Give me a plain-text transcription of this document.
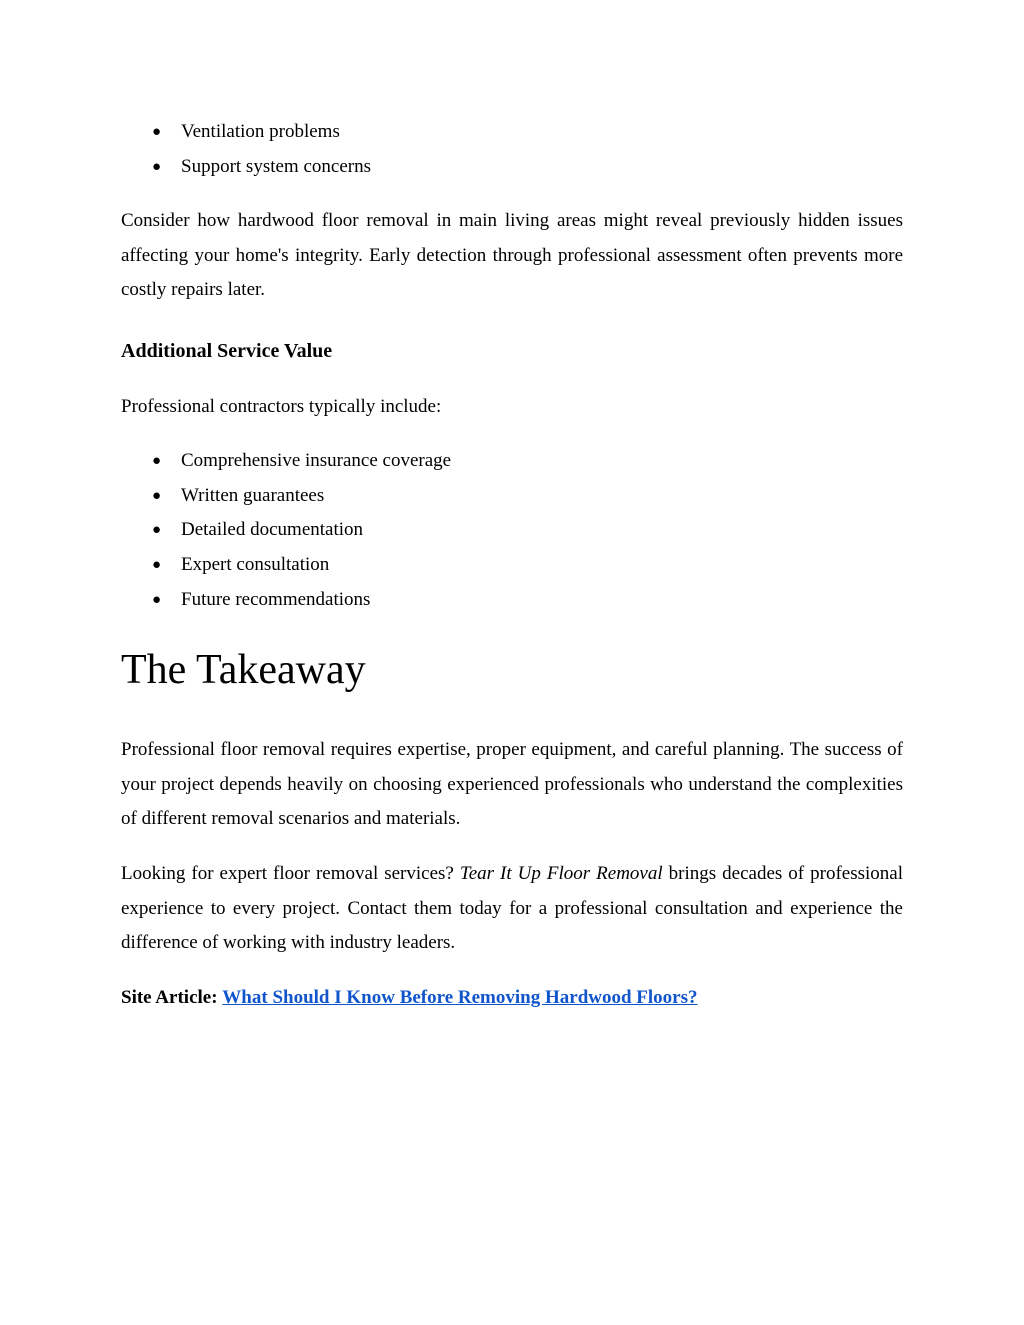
● Ventilation problems
● Support system concerns

Consider how hardwood floor removal in main living areas might reveal previously hidden issues affecting your home's integrity. Early detection through professional assessment often prevents more costly repairs later.

Additional Service Value

Professional contractors typically include:

● Comprehensive insurance coverage
● Written guarantees
● Detailed documentation
● Expert consultation
● Future recommendations
The Takeaway

Professional floor removal requires expertise, proper equipment, and careful planning. The success of your project depends heavily on choosing experienced professionals who understand the complexities of different removal scenarios and materials.

Looking for expert floor removal services? Tear It Up Floor Removal brings decades of professional experience to every project. Contact them today for a professional consultation and experience the difference of working with industry leaders.

Site Article: What Should I Know Before Removing Hardwood Floors?
